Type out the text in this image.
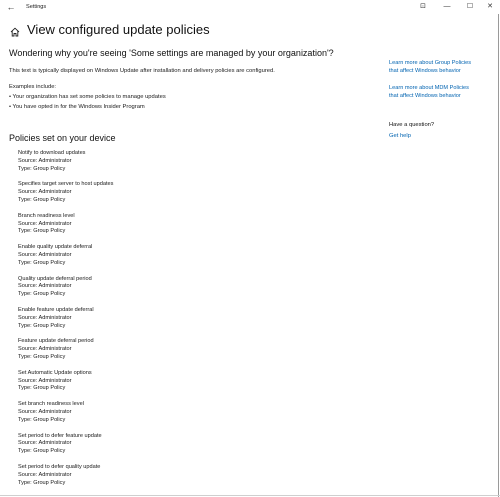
← Settings	⊡	—	☐	✕
View configured update policies
Wondering why you're seeing 'Some settings are managed by your organization'?
This text is typically displayed on Windows Update after installation and delivery policies are configured.
Examples include:
• Your organization has set some policies to manage updates
• You have opted in for the Windows Insider Program
Policies set on your device
Notify to download updates
Source: Administrator
Type: Group Policy
Specifies target server to host updates
Source: Administrator
Type: Group Policy
Branch readiness level
Source: Administrator
Type: Group Policy
Enable quality update deferral
Source: Administrator
Type: Group Policy
Quality update deferral period
Source: Administrator
Type: Group Policy
Enable feature update deferral
Source: Administrator
Type: Group Policy
Feature update deferral period
Source: Administrator
Type: Group Policy
Set Automatic Update options
Source: Administrator
Type: Group Policy
Set branch readiness level
Source: Administrator
Type: Group Policy
Set period to defer feature update
Source: Administrator
Type: Group Policy
Set period to defer quality update
Source: Administrator
Type: Group Policy
Learn more about Group Policies
that affect Windows behavior
Learn more about MDM Policies
that affect Windows behavior
Have a question?
Get help
